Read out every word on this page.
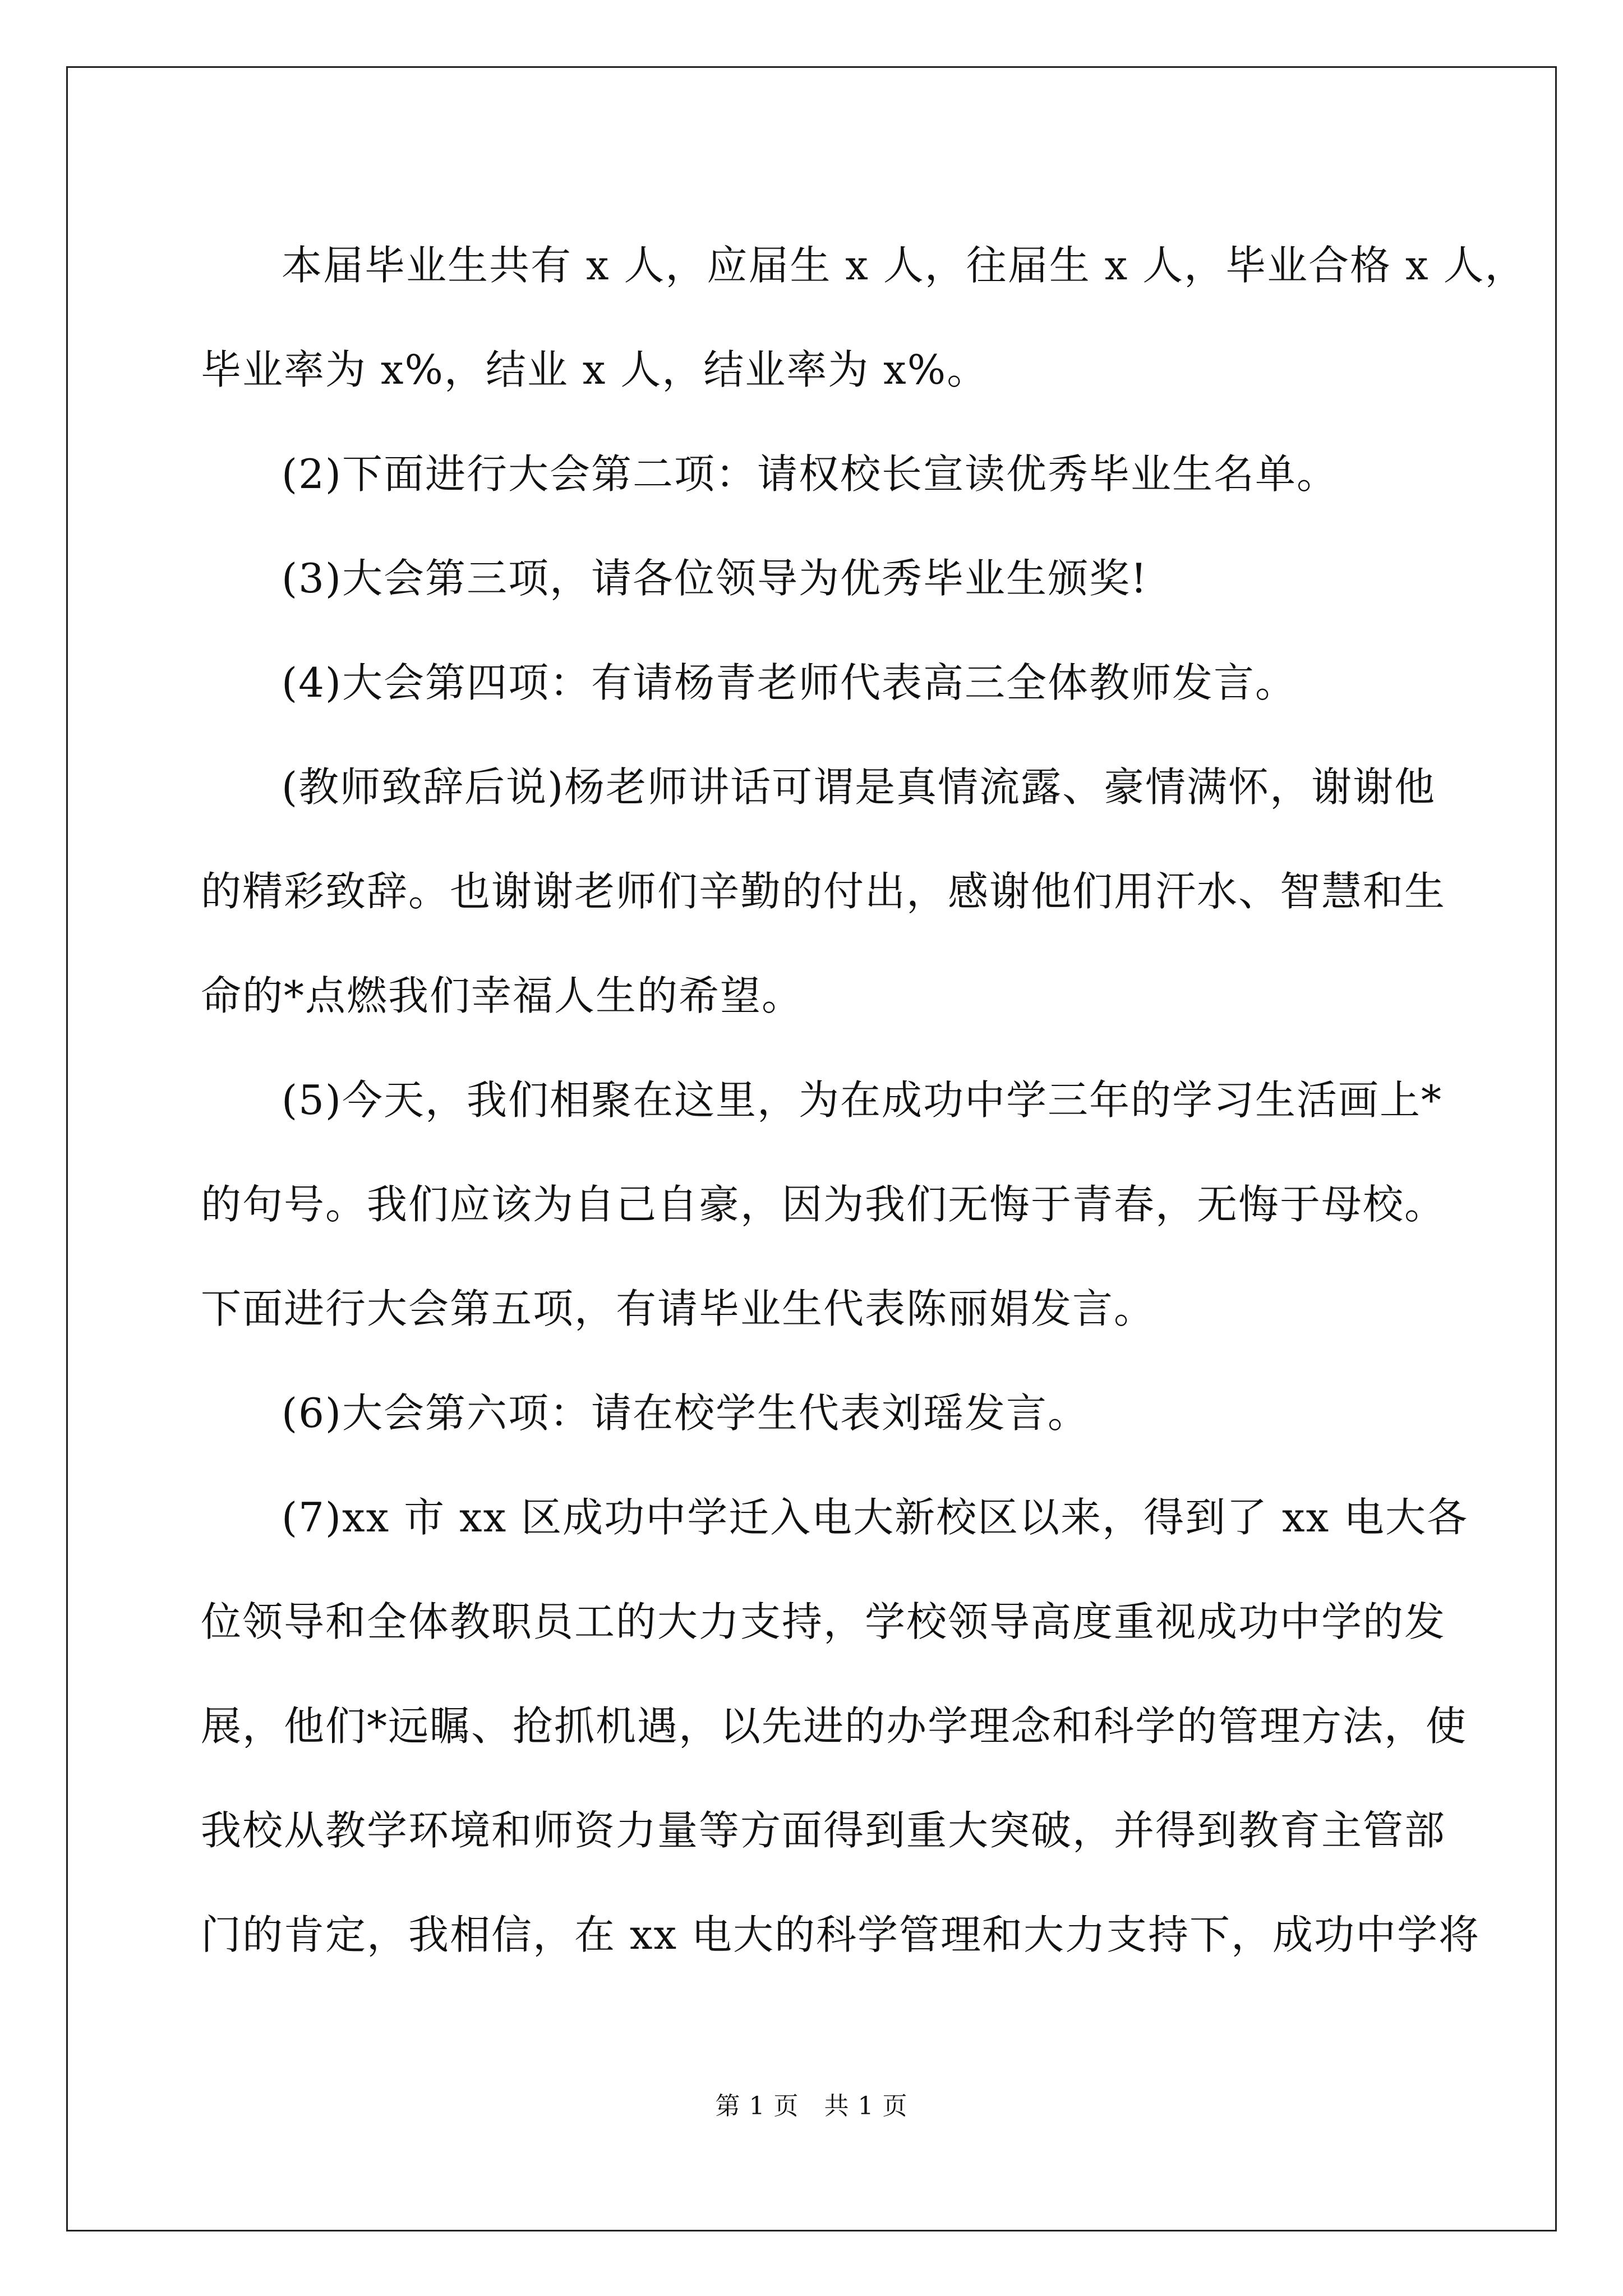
本届毕业生共有 x 人，应届生 x 人，往届生 x 人，毕业合格 x 人，
毕业率为 x%，结业 x 人，结业率为 x%。

(2)下面进行大会第二项：请权校长宣读优秀毕业生名单。

(3)大会第三项，请各位领导为优秀毕业生颁奖!

(4)大会第四项：有请杨青老师代表高三全体教师发言。

(教师致辞后说)杨老师讲话可谓是真情流露、豪情满怀，谢谢他
的精彩致辞。也谢谢老师们辛勤的付出，感谢他们用汗水、智慧和生
命的*点燃我们幸福人生的希望。

(5)今天，我们相聚在这里，为在成功中学三年的学习生活画上*
的句号。我们应该为自己自豪，因为我们无悔于青春，无悔于母校。
下面进行大会第五项，有请毕业生代表陈丽娟发言。

(6)大会第六项：请在校学生代表刘瑶发言。

(7)xx 市 xx 区成功中学迁入电大新校区以来，得到了 xx 电大各
位领导和全体教职员工的大力支持，学校领导高度重视成功中学的发
展，他们*远瞩、抢抓机遇，以先进的办学理念和科学的管理方法，使
我校从教学环境和师资力量等方面得到重大突破，并得到教育主管部
门的肯定，我相信，在 xx 电大的科学管理和大力支持下，成功中学将

第 1 页　共 1 页
